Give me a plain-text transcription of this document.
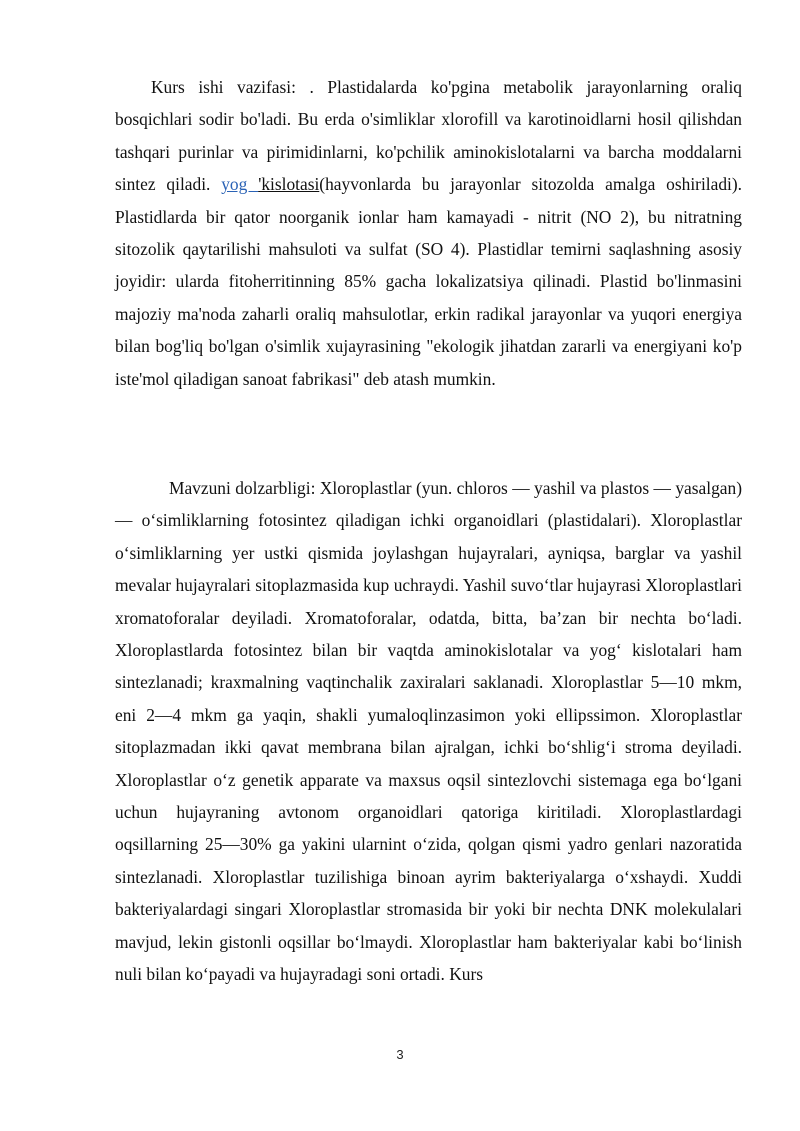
Kurs ishi vazifasi: . Plastidalarda ko'pgina metabolik jarayonlarning oraliq bosqichlari sodir bo'ladi. Bu erda o'simliklar xlorofill va karotinoidlarni hosil qilishdan tashqari purinlar va pirimidinlarni, ko'pchilik aminokislotalarni va barcha moddalarni sintez qiladi. yog 'kislotasi(hayvonlarda bu jarayonlar sitozolda amalga oshiriladi). Plastidlarda bir qator noorganik ionlar ham kamayadi - nitrit (NO 2), bu nitratning sitozolik qaytarilishi mahsuloti va sulfat (SO 4). Plastidlar temirni saqlashning asosiy joyidir: ularda fitoherritinning 85% gacha lokalizatsiya qilinadi. Plastid bo'linmasini majoziy ma'noda zaharli oraliq mahsulotlar, erkin radikal jarayonlar va yuqori energiya bilan bog'liq bo'lgan o'simlik xujayrasining "ekologik jihatdan zararli va energiyani ko'p iste'mol qiladigan sanoat fabrikasi" deb atash mumkin.

Mavzuni dolzarbligi: Xloroplastlar (yun. chloros — yashil va plastos — yasalgan) — o‘simliklarning fotosintez qiladigan ichki organoidlari (plastidalari). Xloroplastlar o‘simliklarning yer ustki qismida joylashgan hujayralari, ayniqsa, barglar va yashil mevalar hujayralari sitoplazmasida kup uchraydi. Yashil suvo‘tlar hujayrasi Xloroplastlari xromatoforalar deyiladi. Xromatoforalar, odatda, bitta, ba’zan bir nechta bo‘ladi. Xloroplastlarda fotosintez bilan bir vaqtda aminokislotalar va yog‘ kislotalari ham sintezlanadi; kraxmalning vaqtinchalik zaxiralari saklanadi. Xloroplastlar 5—10 mkm, eni 2—4 mkm ga yaqin, shakli yumaloqlinzasimon yoki ellipssimon. Xloroplastlar sitoplazmadan ikki qavat membrana bilan ajralgan, ichki bo‘shlig‘i stroma deyiladi. Xloroplastlar o‘z genetik apparate va maxsus oqsil sintezlovchi sistemaga ega bo‘lgani uchun hujayraning avtonom organoidlari qatoriga kiritiladi. Xloroplastlardagi oqsillarning 25—30% ga yakini ularnint o‘zida, qolgan qismi yadro genlari nazoratida sintezlanadi. Xloroplastlar tuzilishiga binoan ayrim bakteriyalarga o‘xshaydi. Xuddi bakteriyalardagi singari Xloroplastlar stromasida bir yoki bir nechta DNK molekulalari mavjud, lekin gistonli oqsillar bo‘lmaydi. Xloroplastlar ham bakteriyalar kabi bo‘linish nuli bilan ko‘payadi va hujayradagi soni ortadi. Kurs

3
